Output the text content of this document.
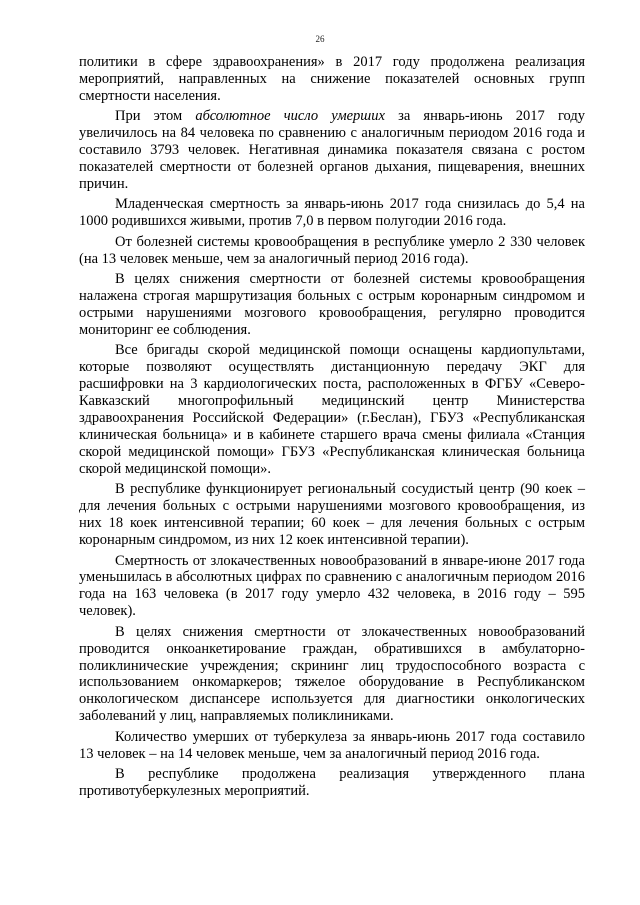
26

политики в сфере здравоохранения» в 2017 году продолжена реализация мероприятий, направленных на снижение показателей основных групп смертности населения.

При этом абсолютное число умерших за январь-июнь 2017 году увеличилось на 84 человека по сравнению с аналогичным периодом 2016 года и составило 3793 человек. Негативная динамика показателя связана с ростом показателей смертности от болезней органов дыхания, пищеварения, внешних причин.

Младенческая смертность за январь-июнь 2017 года снизилась до 5,4 на 1000 родившихся живыми, против 7,0 в первом полугодии 2016 года.

От болезней системы кровообращения в республике умерло 2 330 человек (на 13 человек меньше, чем за аналогичный период 2016 года).

В целях снижения смертности от болезней системы кровообращения налажена строгая маршрутизация больных с острым коронарным синдромом и острыми нарушениями мозгового кровообращения, регулярно проводится мониторинг ее соблюдения.

Все бригады скорой медицинской помощи оснащены кардиопультами, которые позволяют осуществлять дистанционную передачу ЭКГ для расшифровки на 3 кардиологических поста, расположенных в ФГБУ «Северо-Кавказский многопрофильный медицинский центр Министерства здравоохранения Российской Федерации» (г.Беслан), ГБУЗ «Республиканская клиническая больница» и в кабинете старшего врача смены филиала «Станция скорой медицинской помощи» ГБУЗ «Республиканская клиническая больница скорой медицинской помощи».

В республике функционирует региональный сосудистый центр (90 коек – для лечения больных с острыми нарушениями мозгового кровообращения, из них 18 коек интенсивной терапии; 60 коек – для лечения больных с острым коронарным синдромом, из них 12 коек интенсивной терапии).

Смертность от злокачественных новообразований в январе-июне 2017 года уменьшилась в абсолютных цифрах по сравнению с аналогичным периодом 2016 года на 163 человека (в 2017 году умерло 432 человека, в 2016 году – 595 человек).

В целях снижения смертности от злокачественных новообразований проводится онкоанкетирование граждан, обратившихся в амбулаторно-поликлинические учреждения; скрининг лиц трудоспособного возраста с использованием онкомаркеров; тяжелое оборудование в Республиканском онкологическом диспансере используется для диагностики онкологических заболеваний у лиц, направляемых поликлиниками.

Количество умерших от туберкулеза за январь-июнь 2017 года составило 13 человек – на 14 человек меньше, чем за аналогичный период 2016 года.

В республике продолжена реализация утвержденного плана противотуберкулезных мероприятий.
